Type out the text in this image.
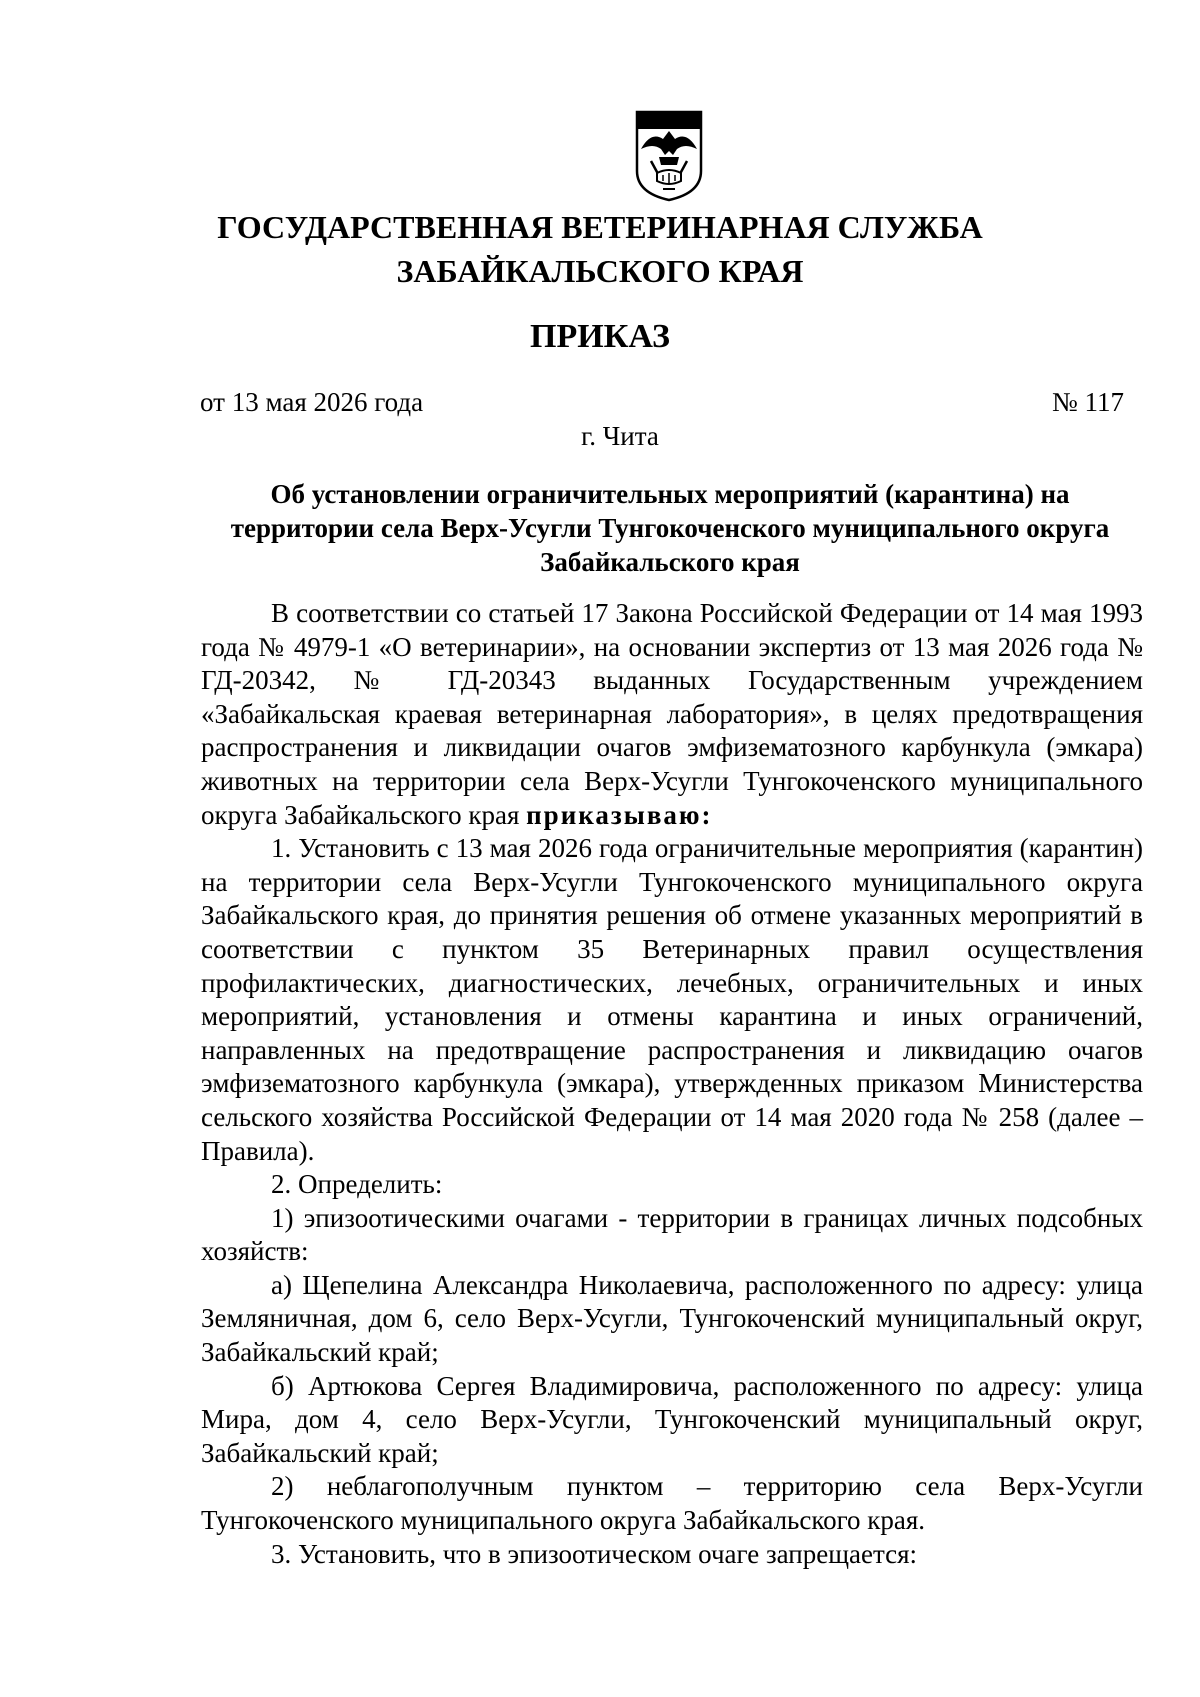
ГОСУДАРСТВЕННАЯ ВЕТЕРИНАРНАЯ СЛУЖБА
ЗАБАЙКАЛЬСКОГО КРАЯ
ПРИКАЗ
от 13 мая 2026 года	№ 117
г. Чита
Об установлении ограничительных мероприятий (карантина) на территории села Верх-Усугли Тунгокоченского муниципального округа Забайкальского края

В соответствии со статьей 17 Закона Российской Федерации от 14 мая 1993 года № 4979-1 «О ветеринарии», на основании экспертиз от 13 мая 2026 года № ГД-20342, № ГД-20343 выданных Государственным учреждением «Забайкальская краевая ветеринарная лаборатория», в целях предотвращения распространения и ликвидации очагов эмфизематозного карбункула (эмкара) животных на территории села Верх-Усугли Тунгокоченского муниципального округа Забайкальского края приказываю:

1. Установить с 13 мая 2026 года ограничительные мероприятия (карантин) на территории села Верх-Усугли Тунгокоченского муниципального округа Забайкальского края, до принятия решения об отмене указанных мероприятий в соответствии с пунктом 35 Ветеринарных правил осуществления профилактических, диагностических, лечебных, ограничительных и иных мероприятий, установления и отмены карантина и иных ограничений, направленных на предотвращение распространения и ликвидацию очагов эмфизематозного карбункула (эмкара), утвержденных приказом Министерства сельского хозяйства Российской Федерации от 14 мая 2020 года № 258 (далее – Правила).

2. Определить:

1) эпизоотическими очагами - территории в границах личных подсобных хозяйств:

а) Щепелина Александра Николаевича, расположенного по адресу: улица Земляничная, дом 6, село Верх-Усугли, Тунгокоченский муниципальный округ, Забайкальский край;

б) Артюкова Сергея Владимировича, расположенного по адресу: улица Мира, дом 4, село Верх-Усугли, Тунгокоченский муниципальный округ, Забайкальский край;

2) неблагополучным пунктом – территорию села Верх-Усугли Тунгокоченского муниципального округа Забайкальского края.

3. Установить, что в эпизоотическом очаге запрещается:
